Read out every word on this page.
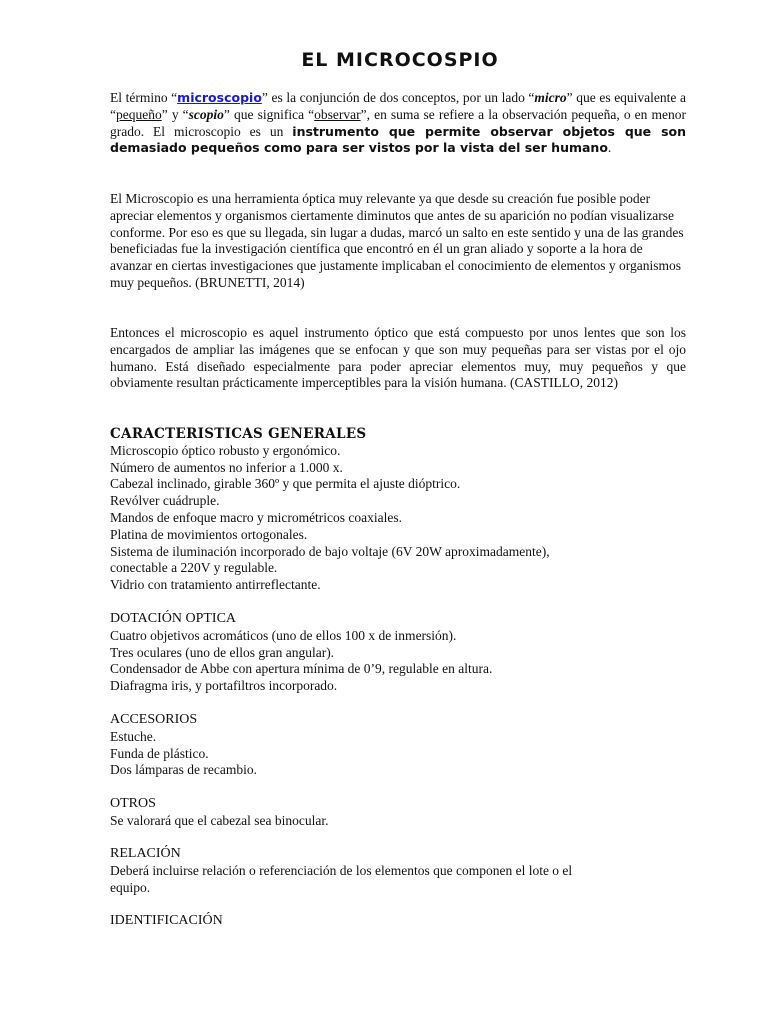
EL MICROCOSPIO

El término “microscopio” es la conjunción de dos conceptos, por un lado “micro” que es equivalente a “pequeño” y “scopio” que significa “observar”, en suma se refiere a la observación pequeña, o en menor grado. El microscopio es un instrumento que permite observar objetos que son demasiado pequeños como para ser vistos por la vista del ser humano.

El Microscopio es una herramienta óptica muy relevante ya que desde su creación fue posible poder apreciar elementos y organismos ciertamente diminutos que antes de su aparición no podían visualizarse conforme. Por eso es que su llegada, sin lugar a dudas, marcó un salto en este sentido y una de las grandes beneficiadas fue la investigación científica que encontró en él un gran aliado y soporte a la hora de avanzar en ciertas investigaciones que justamente implicaban el conocimiento de elementos y organismos muy pequeños. (BRUNETTI, 2014)

Entonces el microscopio es aquel instrumento óptico que está compuesto por unos lentes que son los encargados de ampliar las imágenes que se enfocan y que son muy pequeñas para ser vistas por el ojo humano. Está diseñado especialmente para poder apreciar elementos muy, muy pequeños y que obviamente resultan prácticamente imperceptibles para la visión humana. (CASTILLO, 2012)

CARACTERISTICAS GENERALES
Microscopio óptico robusto y ergonómico.
Número de aumentos no inferior a 1.000 x.
Cabezal inclinado, girable 360º y que permita el ajuste dióptrico.
Revólver cuádruple.
Mandos de enfoque macro y micrométricos coaxiales.
Platina de movimientos ortogonales.
Sistema de iluminación incorporado de bajo voltaje (6V 20W aproximadamente),
conectable a 220V y regulable.
Vidrio con tratamiento antirreflectante.
DOTACIÓN OPTICA
Cuatro objetivos acromáticos (uno de ellos 100 x de inmersión).
Tres oculares (uno de ellos gran angular).
Condensador de Abbe con apertura mínima de 0’9, regulable en altura.
Diafragma iris, y portafiltros incorporado.
ACCESORIOS
Estuche.
Funda de plástico.
Dos lámparas de recambio.
OTROS
Se valorará que el cabezal sea binocular.
RELACIÓN
Deberá incluirse relación o referenciación de los elementos que componen el lote o el
equipo.
IDENTIFICACIÓN
